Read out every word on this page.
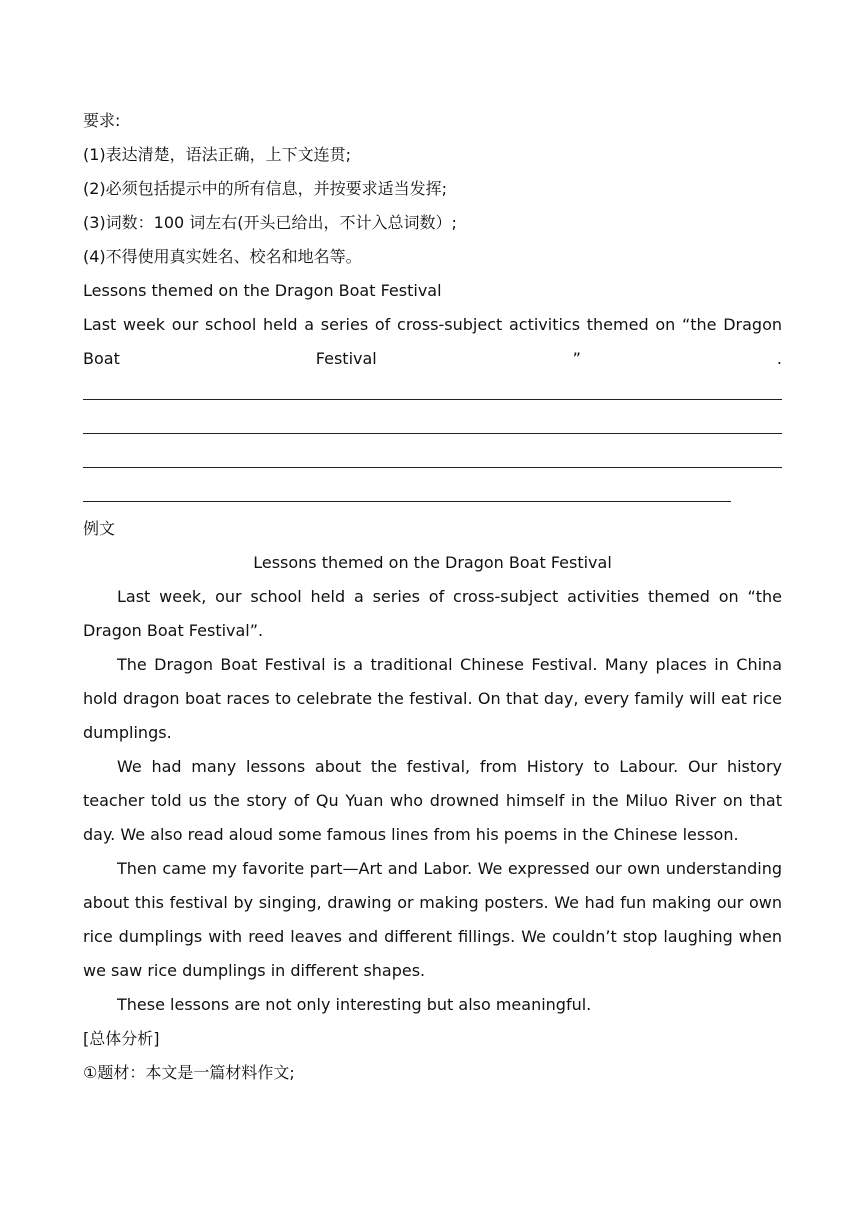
要求:
(1)表达清楚，语法正确，上下文连贯;
(2)必须包括提示中的所有信息，并按要求适当发挥;
(3)词数：100 词左右(开头已给出，不计入总词数）;
(4)不得使用真实姓名、校名和地名等。
Lessons themed on the Dragon Boat Festival
Last week our school held a series of cross-subject activitics themed on “the Dragon
Boat Festival ” .
例文
Lessons themed on the Dragon Boat Festival
Last week, our school held a series of cross-subject activities themed on “the
Dragon Boat Festival”.
The Dragon Boat Festival is a traditional Chinese Festival. Many places in China
hold dragon boat races to celebrate the festival. On that day, every family will eat rice
dumplings.
We had many lessons about the festival, from History to Labour. Our history
teacher told us the story of Qu Yuan who drowned himself in the Miluo River on that
day. We also read aloud some famous lines from his poems in the Chinese lesson.
Then came my favorite part—Art and Labor. We expressed our own understanding
about this festival by singing, drawing or making posters. We had fun making our own
rice dumplings with reed leaves and different fillings. We couldn’t stop laughing when
we saw rice dumplings in different shapes.
These lessons are not only interesting but also meaningful.
[总体分析]
①题材：本文是一篇材料作文;
